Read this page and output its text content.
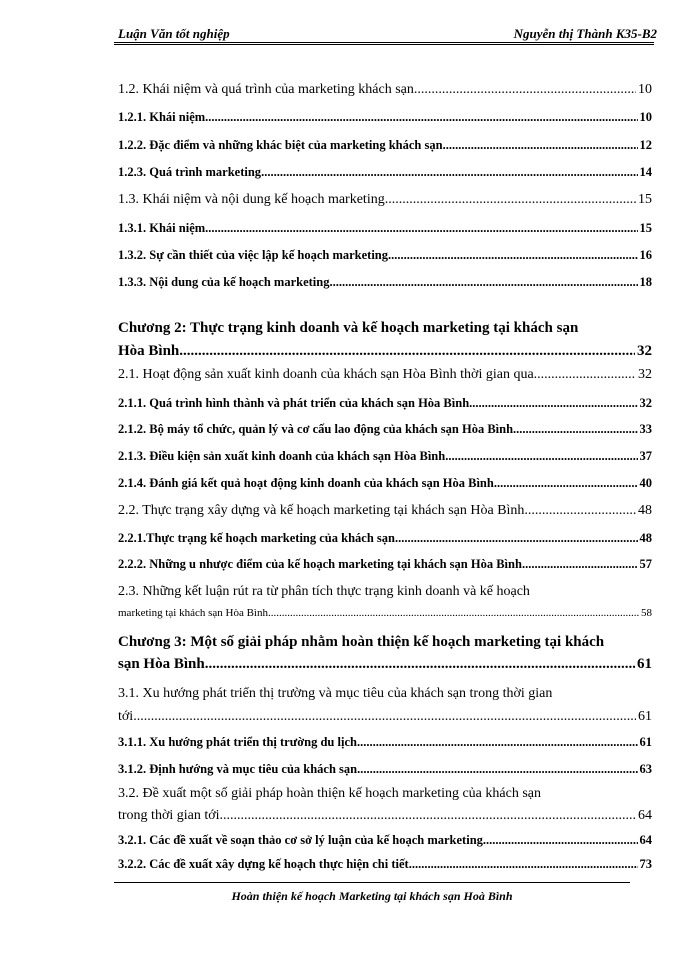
Luận Văn tốt nghiệp	Nguyễn thị Thành K35-B2
1.2. Khái niệm và quá trình của marketing khách sạn .....	10
1.2.1. Khái niệm .....	10
1.2.2. Đặc điểm và những khác biệt của marketing khách sạn .....	12
1.2.3. Quá trình marketing .....	14
1.3. Khái niệm và nội dung kế hoạch marketing .....	15
1.3.1. Khái niệm .....	15
1.3.2. Sự cần thiết của việc lập kế hoạch marketing .....	16
1.3.3. Nội dung của kế hoạch marketing .....	18
Chương 2: Thực trạng kinh doanh và kế hoạch marketing tại khách sạn
Hòa Bình .....	32
2.1. Hoạt động sản xuất kinh doanh của khách sạn Hòa Bình thời gian qua .....	32
2.1.1. Quá trình hình thành và phát triển của khách sạn Hòa Bình .....	32
2.1.2. Bộ máy tổ chức, quản lý và cơ cấu lao động của khách sạn Hòa Bình .....	33
2.1.3. Điều kiện sản xuất kinh doanh của khách sạn Hòa Bình .....	37
2.1.4. Đánh giá kết quả hoạt động kinh doanh của khách sạn Hòa Bình .....	40
2.2. Thực trạng xây dựng và kế hoạch marketing tại khách sạn Hòa Bình .....	48
2.2.1.Thực trạng kế hoạch marketing của khách sạn .....	48
2.2.2. Những u nhược điểm của kế hoạch marketing tại khách sạn Hòa Bình .....	57
2.3. Những kết luận rút ra từ phân tích thực trạng kinh doanh và kế hoạch
marketing tại khách sạn Hòa Bình .....	58
Chương 3: Một số giải pháp nhằm hoàn thiện kế hoạch marketing tại khách
sạn Hòa Bình .....	61
3.1. Xu hướng phát triển thị trường và mục tiêu của khách sạn trong thời gian
tới .....	61
3.1.1. Xu hướng phát triển thị trường du lịch .....	61
3.1.2. Định hướng và mục tiêu của khách sạn .....	63
3.2. Đề xuất một số giải pháp hoàn thiện kế hoạch marketing của khách sạn
trong thời gian tới .....	64
3.2.1. Các đề xuất về soạn thảo cơ sở lý luận của kế hoạch marketing .....	64
3.2.2. Các đề xuất xây dựng kế hoạch thực hiện chi tiết .....	73
Hoàn thiện kế hoạch Marketing tại khách sạn Hoà Bình
